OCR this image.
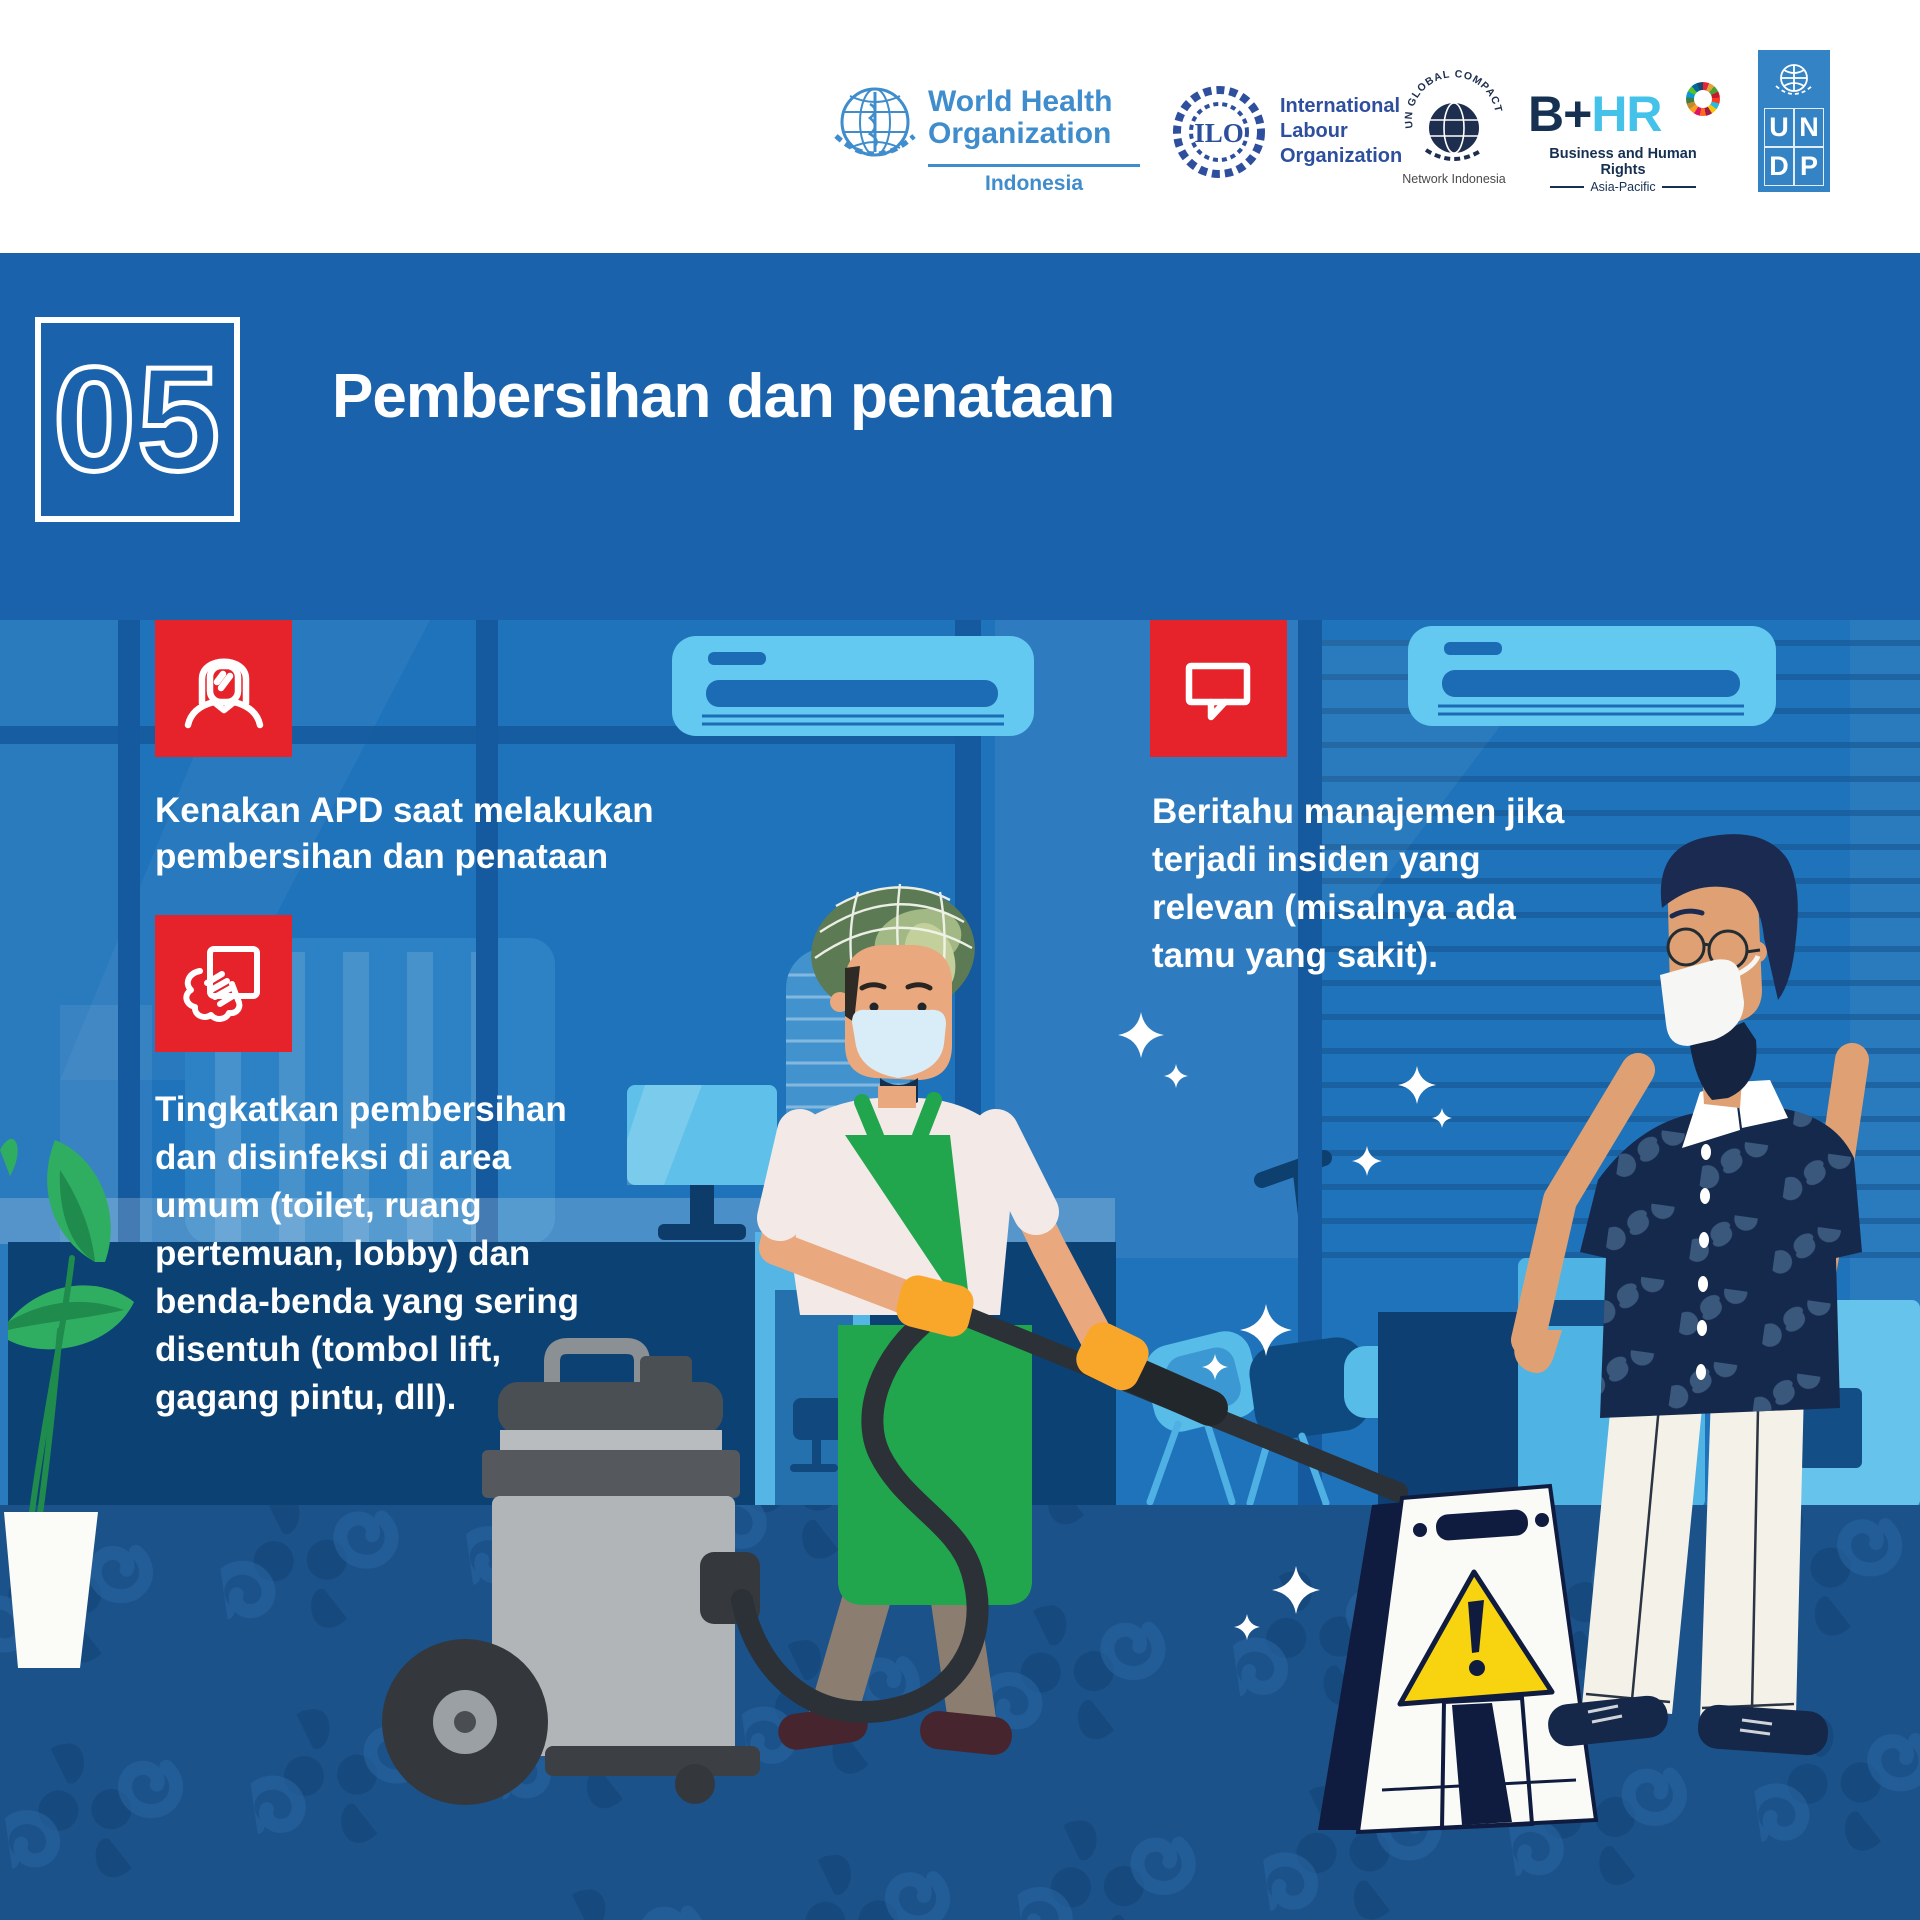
World Health
Organization
Indonesia
ILO
International
Labour
Organization
UN GLOBAL COMPACT
Network Indonesia
B+HR
Business and Human Rights
Asia-Pacific
U N
D P
05 Pembersihan dan penataan
Kenakan APD saat melakukan
pembersihan dan penataan
Tingkatkan pembersihan
dan disinfeksi di area
umum (toilet, ruang
pertemuan, lobby) dan
benda-benda yang sering
disentuh (tombol lift,
gagang pintu, dll).
Beritahu manajemen jika
terjadi insiden yang
relevan (misalnya ada
tamu yang sakit).
